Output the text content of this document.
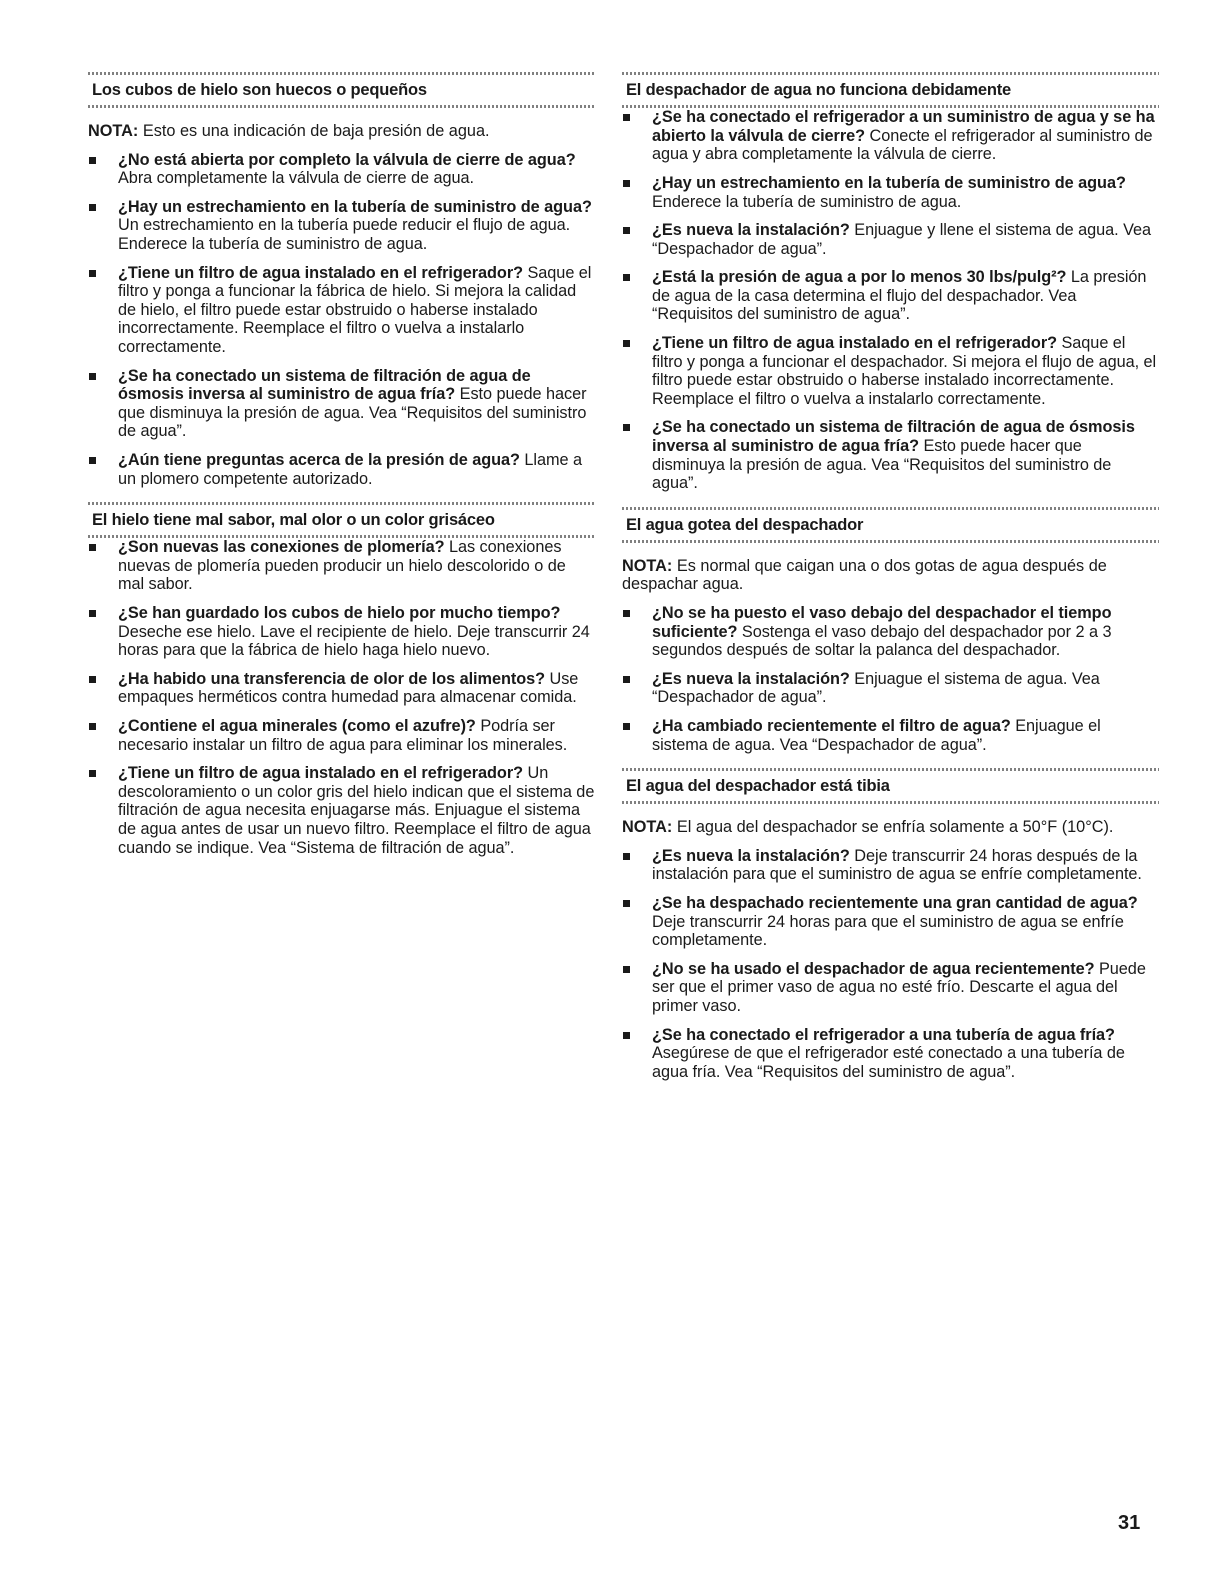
Los cubos de hielo son huecos o pequeños
NOTA: Esto es una indicación de baja presión de agua.
¿No está abierta por completo la válvula de cierre de agua? Abra completamente la válvula de cierre de agua.
¿Hay un estrechamiento en la tubería de suministro de agua? Un estrechamiento en la tubería puede reducir el flujo de agua. Enderece la tubería de suministro de agua.
¿Tiene un filtro de agua instalado en el refrigerador? Saque el filtro y ponga a funcionar la fábrica de hielo. Si mejora la calidad de hielo, el filtro puede estar obstruido o haberse instalado incorrectamente. Reemplace el filtro o vuelva a instalarlo correctamente.
¿Se ha conectado un sistema de filtración de agua de ósmosis inversa al suministro de agua fría? Esto puede hacer que disminuya la presión de agua. Vea “Requisitos del suministro de agua”.
¿Aún tiene preguntas acerca de la presión de agua? Llame a un plomero competente autorizado.
El hielo tiene mal sabor, mal olor o un color grisáceo
¿Son nuevas las conexiones de plomería? Las conexiones nuevas de plomería pueden producir un hielo descolorido o de mal sabor.
¿Se han guardado los cubos de hielo por mucho tiempo? Deseche ese hielo. Lave el recipiente de hielo. Deje transcurrir 24 horas para que la fábrica de hielo haga hielo nuevo.
¿Ha habido una transferencia de olor de los alimentos? Use empaques herméticos contra humedad para almacenar comida.
¿Contiene el agua minerales (como el azufre)? Podría ser necesario instalar un filtro de agua para eliminar los minerales.
¿Tiene un filtro de agua instalado en el refrigerador? Un descoloramiento o un color gris del hielo indican que el sistema de filtración de agua necesita enjuagarse más. Enjuague el sistema de agua antes de usar un nuevo filtro. Reemplace el filtro de agua cuando se indique. Vea “Sistema de filtración de agua”.
El despachador de agua no funciona debidamente
¿Se ha conectado el refrigerador a un suministro de agua y se ha abierto la válvula de cierre? Conecte el refrigerador al suministro de agua y abra completamente la válvula de cierre.
¿Hay un estrechamiento en la tubería de suministro de agua? Enderece la tubería de suministro de agua.
¿Es nueva la instalación? Enjuague y llene el sistema de agua. Vea “Despachador de agua”.
¿Está la presión de agua a por lo menos 30 lbs/pulg²? La presión de agua de la casa determina el flujo del despachador. Vea “Requisitos del suministro de agua”.
¿Tiene un filtro de agua instalado en el refrigerador? Saque el filtro y ponga a funcionar el despachador. Si mejora el flujo de agua, el filtro puede estar obstruido o haberse instalado incorrectamente. Reemplace el filtro o vuelva a instalarlo correctamente.
¿Se ha conectado un sistema de filtración de agua de ósmosis inversa al suministro de agua fría? Esto puede hacer que disminuya la presión de agua. Vea “Requisitos del suministro de agua”.
El agua gotea del despachador
NOTA: Es normal que caigan una o dos gotas de agua después de despachar agua.
¿No se ha puesto el vaso debajo del despachador el tiempo suficiente? Sostenga el vaso debajo del despachador por 2 a 3 segundos después de soltar la palanca del despachador.
¿Es nueva la instalación? Enjuague el sistema de agua. Vea “Despachador de agua”.
¿Ha cambiado recientemente el filtro de agua? Enjuague el sistema de agua. Vea “Despachador de agua”.
El agua del despachador está tibia
NOTA: El agua del despachador se enfría solamente a 50°F (10°C).
¿Es nueva la instalación? Deje transcurrir 24 horas después de la instalación para que el suministro de agua se enfríe completamente.
¿Se ha despachado recientemente una gran cantidad de agua? Deje transcurrir 24 horas para que el suministro de agua se enfríe completamente.
¿No se ha usado el despachador de agua recientemente? Puede ser que el primer vaso de agua no esté frío. Descarte el agua del primer vaso.
¿Se ha conectado el refrigerador a una tubería de agua fría? Asegúrese de que el refrigerador esté conectado a una tubería de agua fría. Vea “Requisitos del suministro de agua”.
31
